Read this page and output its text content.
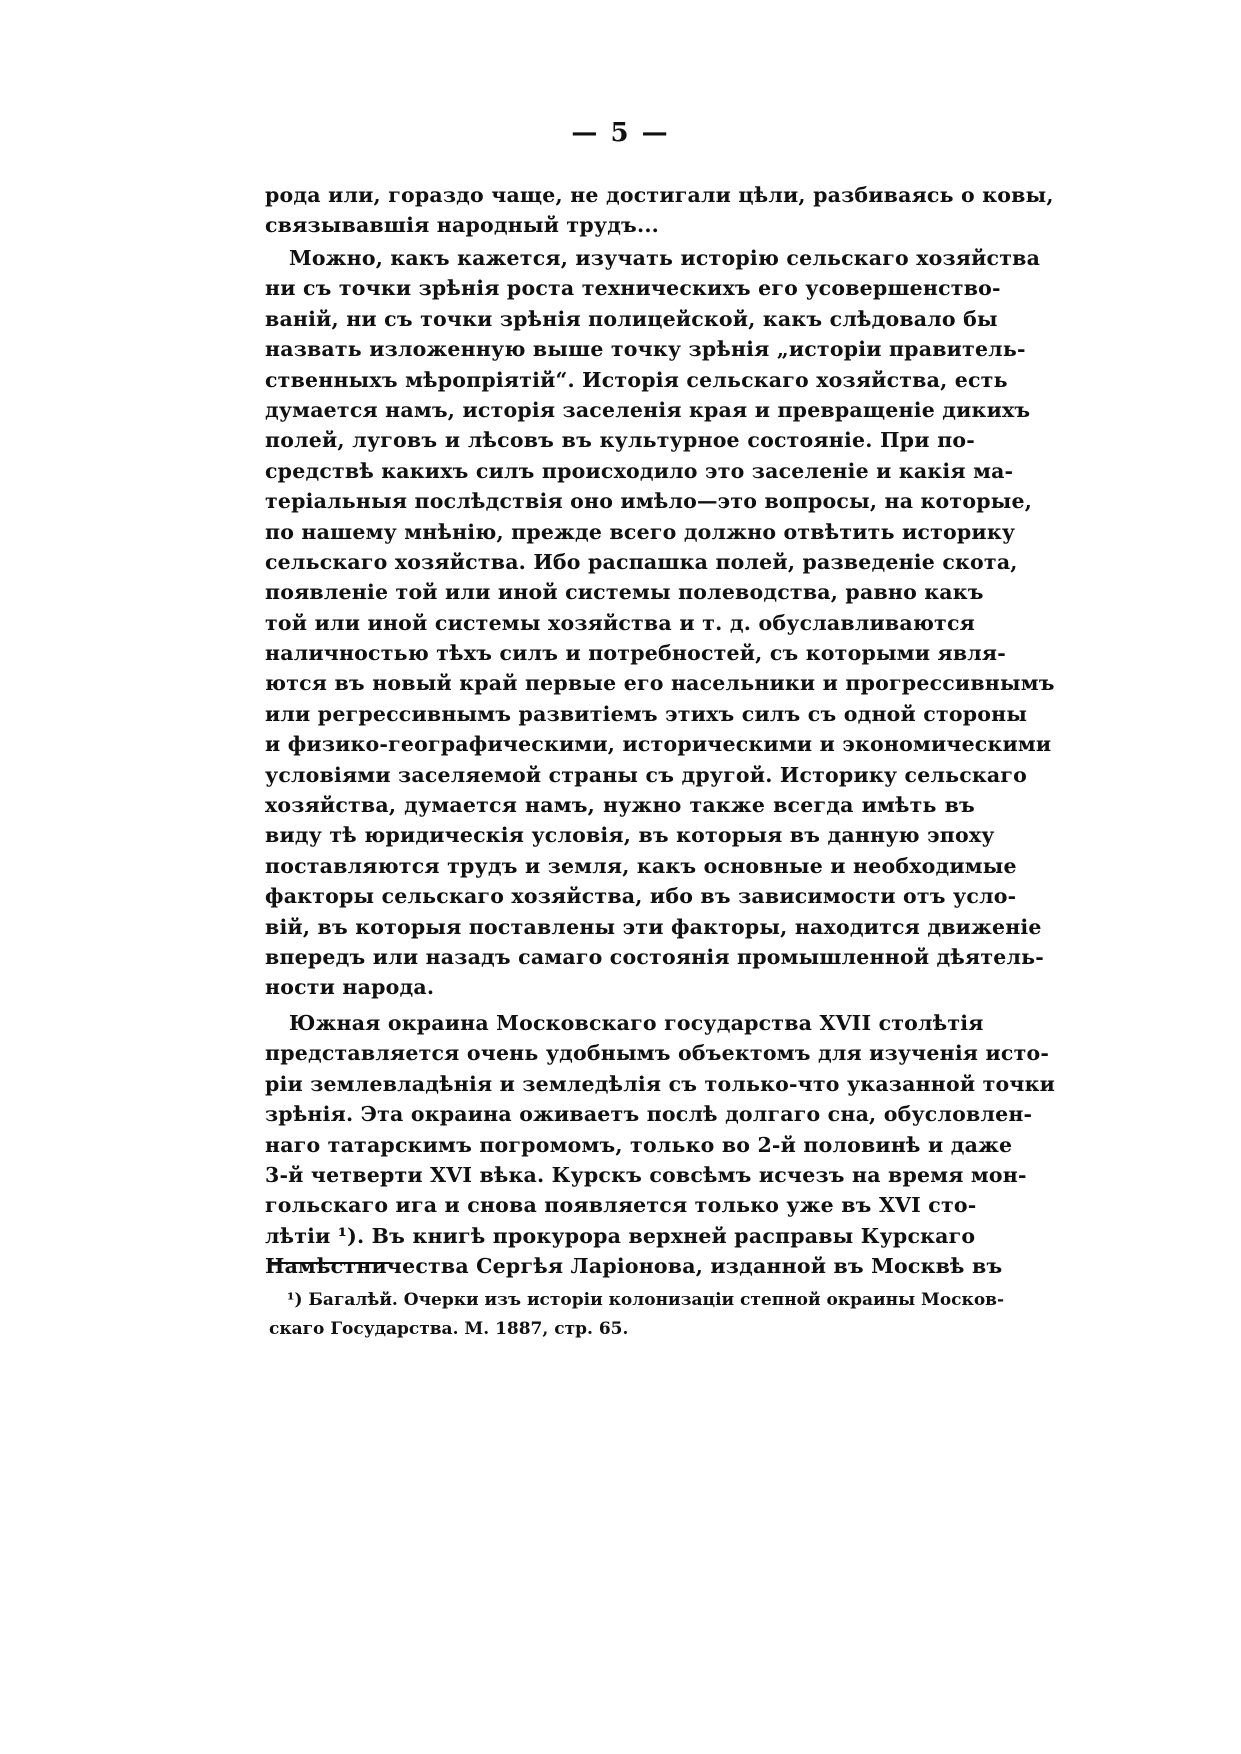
— 5 —
рода или, гораздо чаще, не достигали цѣли, разбиваясь о ковы,
связывавшія народный трудъ...
Можно, какъ кажется, изучать исторію сельскаго хозяйства
ни съ точки зрѣнія роста техническихъ его усовершенство-
ваній, ни съ точки зрѣнія полицейской, какъ слѣдовало бы
назвать изложенную выше точку зрѣнія „исторіи правитель-
ственныхъ мѣропріятій“. Исторія сельскаго хозяйства, есть
думается намъ, исторія заселенія края и превращеніе дикихъ
полей, луговъ и лѣсовъ въ культурное состояніе. При по-
средствѣ какихъ силъ происходило это заселеніе и какія ма-
теріальныя послѣдствія оно имѣло—это вопросы, на которые,
по нашему мнѣнію, прежде всего должно отвѣтить историку
сельскаго хозяйства. Ибо распашка полей, разведеніе скота,
появленіе той или иной системы полеводства, равно какъ
той или иной системы хозяйства и т. д. обуславливаются
наличностью тѣхъ силъ и потребностей, съ которыми явля-
ются въ новый край первые его насельники и прогрессивнымъ
или регрессивнымъ развитіемъ этихъ силъ съ одной стороны
и физико-географическими, историческими и экономическими
условіями заселяемой страны съ другой. Историку сельскаго
хозяйства, думается намъ, нужно также всегда имѣть въ
виду тѣ юридическія условія, въ которыя въ данную эпоху
поставляются трудъ и земля, какъ основные и необходимые
факторы сельскаго хозяйства, ибо въ зависимости отъ усло-
вій, въ которыя поставлены эти факторы, находится движеніе
впередъ или назадъ самаго состоянія промышленной дѣятель-
ности народа.
Южная окраина Московскаго государства XVII столѣтія
представляется очень удобнымъ объектомъ для изученія исто-
ріи землевладѣнія и земледѣлія съ только-что указанной точки
зрѣнія. Эта окраина оживаетъ послѣ долгаго сна, обусловлен-
наго татарскимъ погромомъ, только во 2-й половинѣ и даже
3-й четверти XVI вѣка. Курскъ совсѣмъ исчезъ на время мон-
гольскаго ига и снова появляется только уже въ XVI сто-
лѣтіи ¹). Въ книгѣ прокурора верхней расправы Курскаго
Намѣстничества Сергѣя Ларіонова, изданной въ Москвѣ въ
¹) Багалѣй. Очерки изъ исторіи колонизаціи степной окраины Москов-
скаго Государства. М. 1887, стр. 65.
